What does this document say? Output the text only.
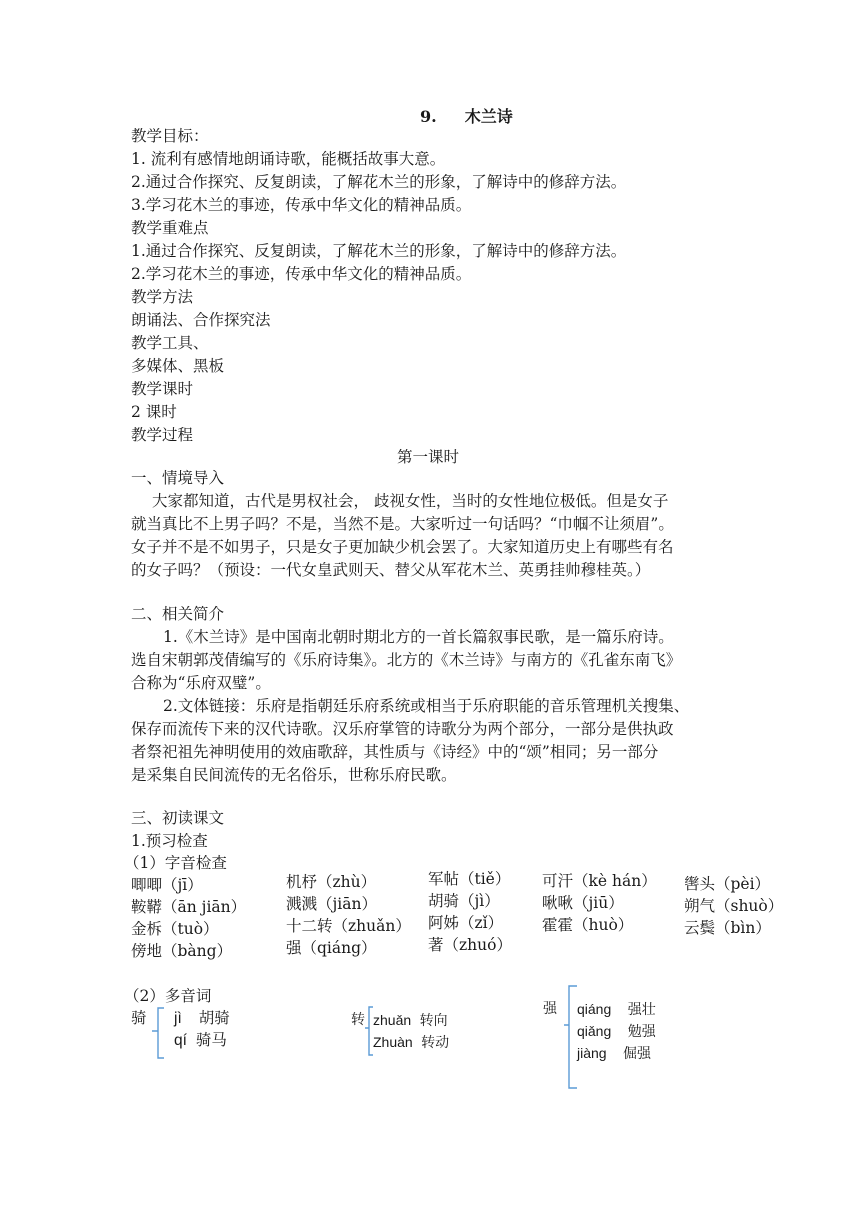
9. 木兰诗
教学目标：
1. 流利有感情地朗诵诗歌，能概括故事大意。
2.通过合作探究、反复朗读，了解花木兰的形象，了解诗中的修辞方法。
3.学习花木兰的事迹，传承中华文化的精神品质。
教学重难点
1.通过合作探究、反复朗读，了解花木兰的形象，了解诗中的修辞方法。
2.学习花木兰的事迹，传承中华文化的精神品质。
教学方法
朗诵法、合作探究法
教学工具、
多媒体、黑板
教学课时
2 课时
教学过程
第一课时
一、情境导入
大家都知道，古代是男权社会， 歧视女性，当时的女性地位极低。但是女子
就当真比不上男子吗？不是，当然不是。大家听过一句话吗？“巾帼不让须眉”。
女子并不是不如男子，只是女子更加缺少机会罢了。大家知道历史上有哪些有名
的女子吗？（预设：一代女皇武则天、替父从军花木兰、英勇挂帅穆桂英。）
二、相关简介
1.《木兰诗》是中国南北朝时期北方的一首长篇叙事民歌，是一篇乐府诗。
选自宋朝郭茂倩编写的《乐府诗集》。北方的《木兰诗》与南方的《孔雀东南飞》
合称为“乐府双璧”。
2.文体链接：乐府是指朝廷乐府系统或相当于乐府职能的音乐管理机关搜集、
保存而流传下来的汉代诗歌。汉乐府掌管的诗歌分为两个部分，一部分是供执政
者祭祀祖先神明使用的效庙歌辞，其性质与《诗经》中的“颂”相同；另一部分
是采集自民间流传的无名俗乐，世称乐府民歌。
三、初读课文
1.预习检查
（1）字音检查
唧唧（jī）
鞍鞯（ān jiān）
金柝（tuò）
傍地（bàng）
机杼（zhù）
溅溅（jiān）
十二转（zhuǎn）
强（qiáng）
军帖（tiě）
胡骑（jì）
阿姊（zǐ）
著（zhuó）
可汗（kè hán）
啾啾（jiū）
霍霍（huò）
辔头（pèi）
朔气（shuò）
云鬓（bìn）
（2）多音词
骑 jì 胡骑
qí 骑马
转 zhuǎn 转向
Zhuàn 转动
强 qiáng 强壮
qiǎng 勉强
jiàng 倔强
